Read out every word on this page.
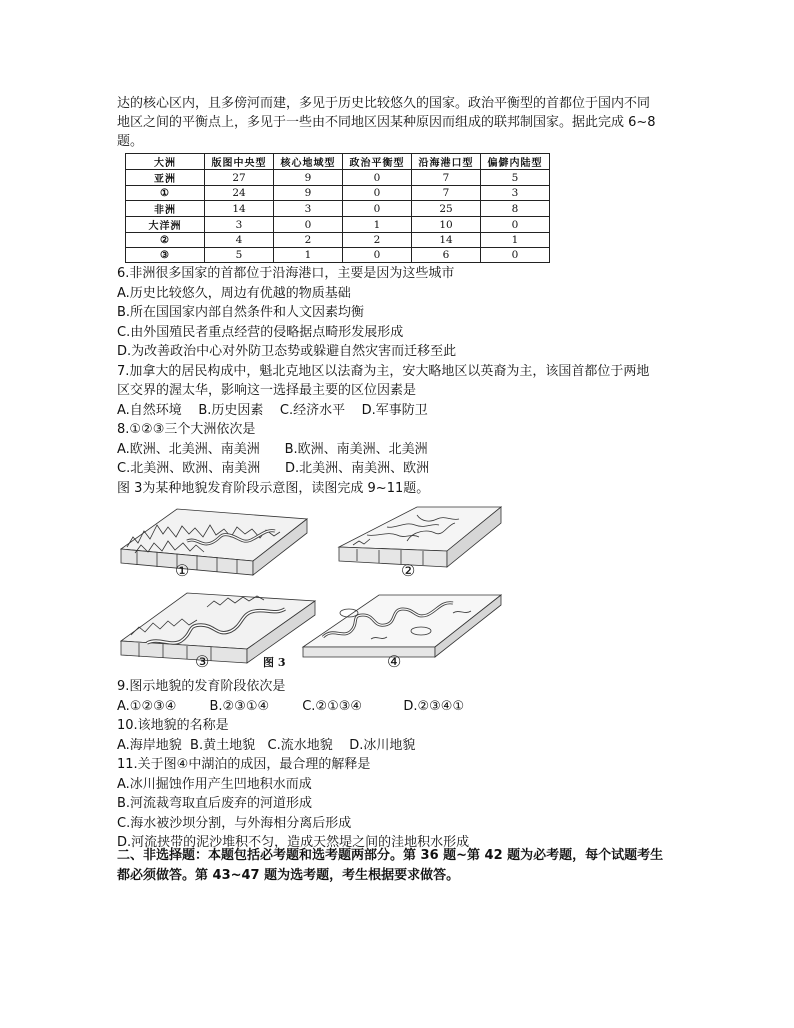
达的核心区内，且多傍河而建，多见于历史比较悠久的国家。政治平衡型的首都位于国内不同
地区之间的平衡点上，多见于一些由不同地区因某种原因而组成的联邦制国家。据此完成 6~8
题。
大洲	版图中央型	核心地域型	政治平衡型	沿海港口型	偏僻内陆型
亚洲	27	9	0	7	5
①	24	9	0	7	3
非洲	14	3	0	25	8
大洋洲	3	0	1	10	0
②	4	2	2	14	1
③	5	1	0	6	0
6.非洲很多国家的首都位于沿海港口，主要是因为这些城市
A.历史比较悠久，周边有优越的物质基础
B.所在国国家内部自然条件和人文因素均衡
C.由外国殖民者重点经营的侵略据点畸形发展形成
D.为改善政治中心对外防卫态势或躲避自然灾害而迁移至此
7.加拿大的居民构成中，魁北克地区以法裔为主，安大略地区以英裔为主，该国首都位于两地
区交界的渥太华，影响这一选择最主要的区位因素是
A.自然环境    B.历史因素    C.经济水平    D.军事防卫
8.①②③三个大洲依次是
A.欧洲、北美洲、南美洲      B.欧洲、南美洲、北美洲
C.北美洲、欧洲、南美洲      D.北美洲、南美洲、欧洲
图 3为某种地貌发育阶段示意图，读图完成 9~11题。
①	②
③	④
图 3
9.图示地貌的发育阶段依次是
A.①②③④        B.②③①④        C.②①③④          D.②③④①
10.该地貌的名称是
A.海岸地貌  B.黄土地貌   C.流水地貌    D.冰川地貌
11.关于图④中湖泊的成因，最合理的解释是
A.冰川掘蚀作用产生凹地积水而成
B.河流裁弯取直后废弃的河道形成
C.海水被沙坝分割，与外海相分离后形成
D.河流挟带的泥沙堆积不匀，造成天然堤之间的洼地积水形成
二、非选择题：本题包括必考题和选考题两部分。第 36 题~第 42 题为必考题，每个试题考生
都必须做答。第 43~47 题为选考题，考生根据要求做答。
